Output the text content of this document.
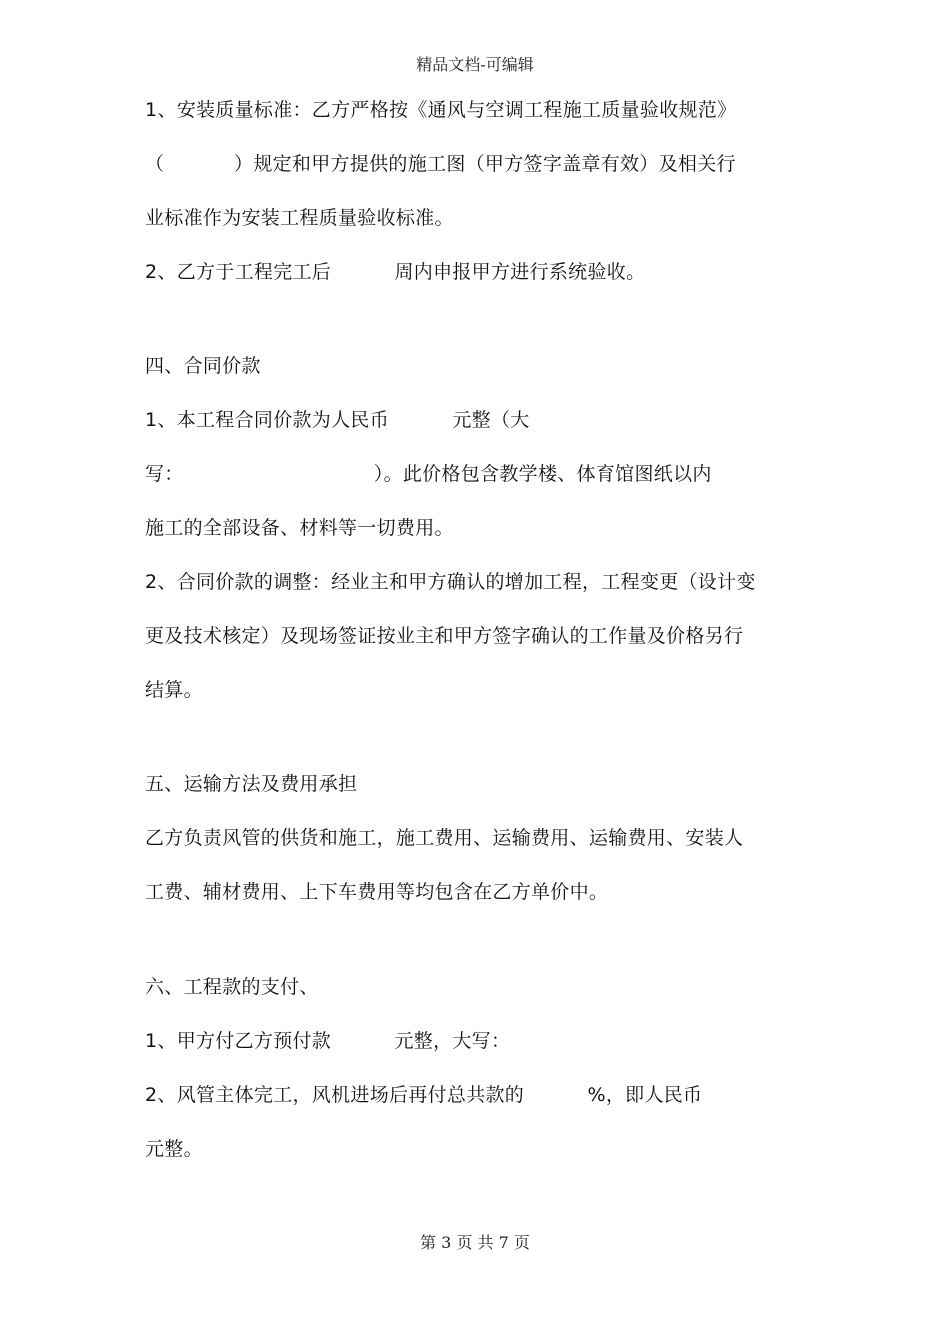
精品文档-可编辑
1、安装质量标准：乙方严格按《通风与空调工程施工质量验收规范》
（           ）规定和甲方提供的施工图（甲方签字盖章有效）及相关行
业标准作为安装工程质量验收标准。
2、乙方于工程完工后          周内申报甲方进行系统验收。
四、合同价款
1、本工程合同价款为人民币          元整（大
写：                              ）。此价格包含教学楼、体育馆图纸以内
施工的全部设备、材料等一切费用。
2、合同价款的调整：经业主和甲方确认的增加工程，工程变更（设计变
更及技术核定）及现场签证按业主和甲方签字确认的工作量及价格另行
结算。
五、运输方法及费用承担
乙方负责风管的供货和施工，施工费用、运输费用、运输费用、安装人
工费、辅材费用、上下车费用等均包含在乙方单价中。
六、工程款的支付、
1、甲方付乙方预付款          元整，大写：
2、风管主体完工，风机进场后再付总共款的          %，即人民币
元整。
第 3 页 共 7 页
